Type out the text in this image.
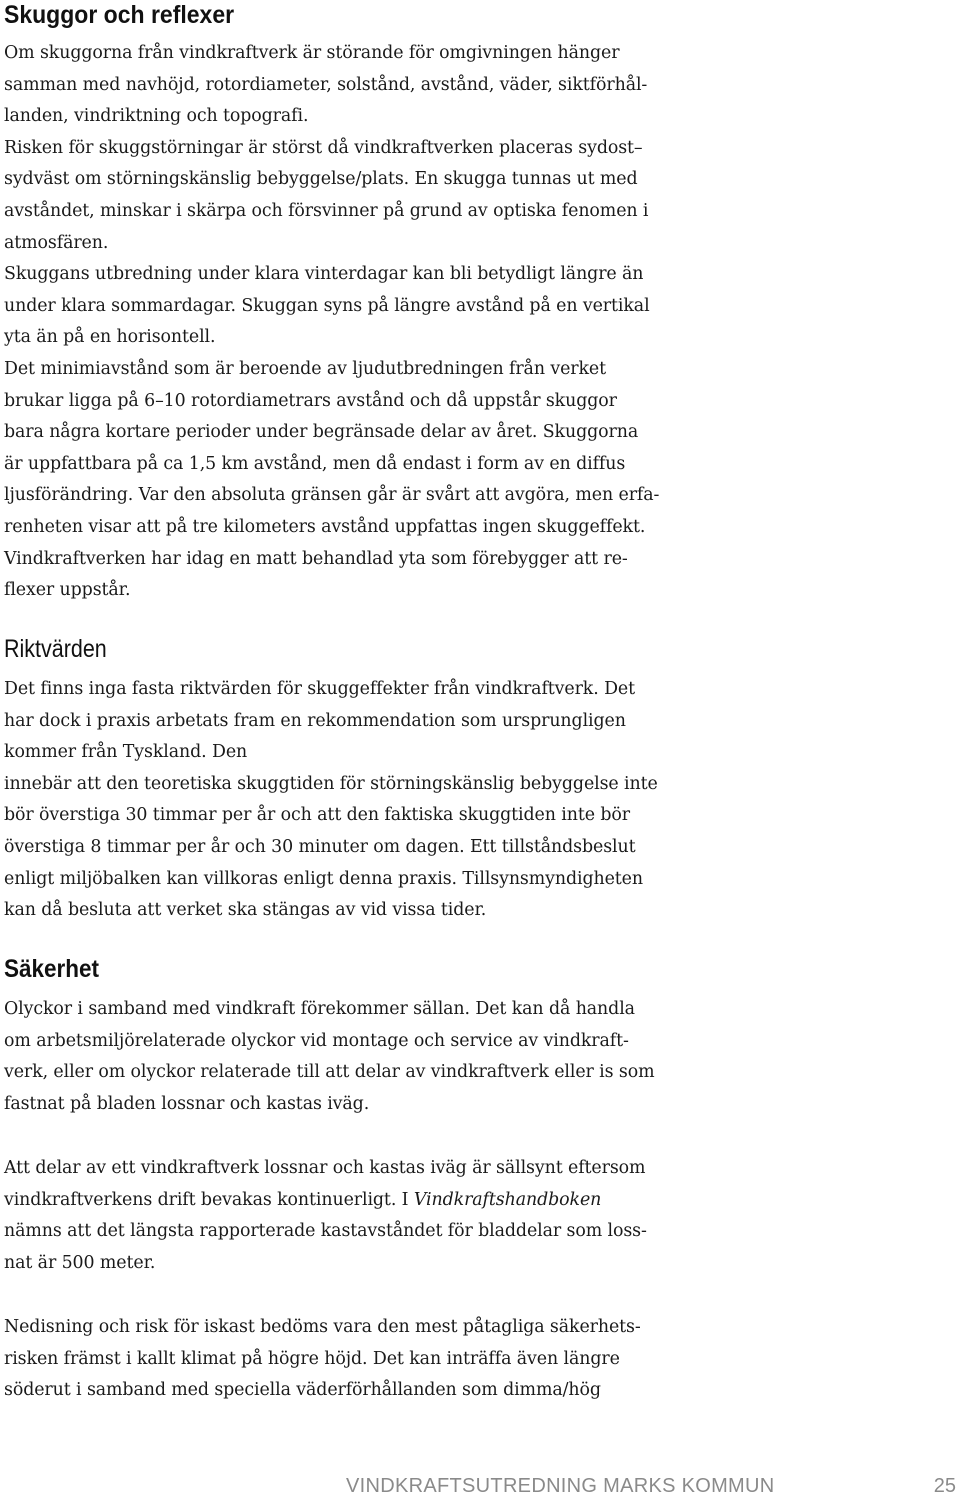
Skuggor och reflexer
Om skuggorna från vindkraftverk är störande för omgivningen hänger
samman med navhöjd, rotordiameter, solstånd, avstånd, väder, siktförhål-
landen, vindriktning och topografi.
Risken för skuggstörningar är störst då vindkraftverken placeras sydost–
sydväst om störningskänslig bebyggelse/plats. En skugga tunnas ut med
avståndet, minskar i skärpa och försvinner på grund av optiska fenomen i
atmosfären.
Skuggans utbredning under klara vinterdagar kan bli betydligt längre än
under klara sommardagar. Skuggan syns på längre avstånd på en vertikal
yta än på en horisontell.
Det minimiavstånd som är beroende av ljudutbredningen från verket
brukar ligga på 6–10 rotordiametrars avstånd och då uppstår skuggor
bara några kortare perioder under begränsade delar av året. Skuggorna
är uppfattbara på ca 1,5 km avstånd, men då endast i form av en diffus
ljusförändring. Var den absoluta gränsen går är svårt att avgöra, men erfa-
renheten visar att på tre kilometers avstånd uppfattas ingen skuggeffekt.
Vindkraftverken har idag en matt behandlad yta som förebygger att re-
flexer uppstår.
Riktvärden
Det finns inga fasta riktvärden för skuggeffekter från vindkraftverk. Det
har dock i praxis arbetats fram en rekommendation som ursprungligen
kommer från Tyskland. Den
innebär att den teoretiska skuggtiden för störningskänslig bebyggelse inte
bör överstiga 30 timmar per år och att den faktiska skuggtiden inte bör
överstiga 8 timmar per år och 30 minuter om dagen. Ett tillståndsbeslut
enligt miljöbalken kan villkoras enligt denna praxis. Tillsynsmyndigheten
kan då besluta att verket ska stängas av vid vissa tider.
Säkerhet
Olyckor i samband med vindkraft förekommer sällan. Det kan då handla
om arbetsmiljörelaterade olyckor vid montage och service av vindkraft-
verk, eller om olyckor relaterade till att delar av vindkraftverk eller is som
fastnat på bladen lossnar och kastas iväg.
Att delar av ett vindkraftverk lossnar och kastas iväg är sällsynt eftersom
vindkraftverkens drift bevakas kontinuerligt. I Vindkraftshandboken
nämns att det längsta rapporterade kastavståndet för bladdelar som loss-
nat är 500 meter.
Nedisning och risk för iskast bedöms vara den mest påtagliga säkerhets-
risken främst i kallt klimat på högre höjd. Det kan inträffa även längre
söderut i samband med speciella väderförhållanden som dimma/hög
VINDKRAFTSUTREDNING MARKS KOMMUN	25
